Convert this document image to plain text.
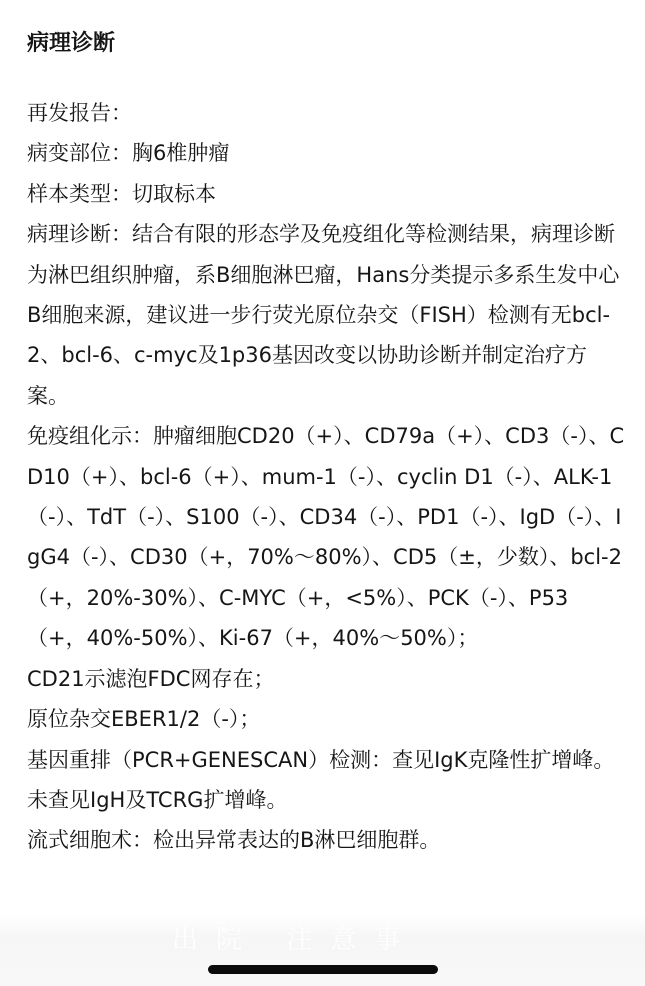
病理诊断

再发报告：

病变部位：胸6椎肿瘤

样本类型：切取标本

病理诊断：结合有限的形态学及免疫组化等检测结果，病理诊断为淋巴组织肿瘤，系B细胞淋巴瘤，Hans分类提示多系生发中心B细胞来源，建议进一步行荧光原位杂交（FISH）检测有无bcl-2、bcl-6、c-myc及1p36基因改变以协助诊断并制定治疗方案。

免疫组化示：肿瘤细胞CD20（+）、CD79a（+）、CD3（-）、CD10（+）、bcl-6（+）、mum-1（-）、cyclin D1（-）、ALK-1（-）、TdT（-）、S100（-）、CD34（-）、PD1（-）、IgD（-）、IgG4（-）、CD30（+，70%～80%）、CD5（±，少数）、bcl-2（+，20%-30%）、C-MYC（+，<5%）、PCK（-）、P53（+，40%-50%）、Ki-67（+，40%～50%）；

CD21示滤泡FDC网存在；

原位杂交EBER1/2（-）；

基因重排（PCR+GENESCAN）检测：查见IgK克隆性扩增峰。未查见IgH及TCRG扩增峰。

流式细胞术：检出异常表达的B淋巴细胞群。

出院 注意事
